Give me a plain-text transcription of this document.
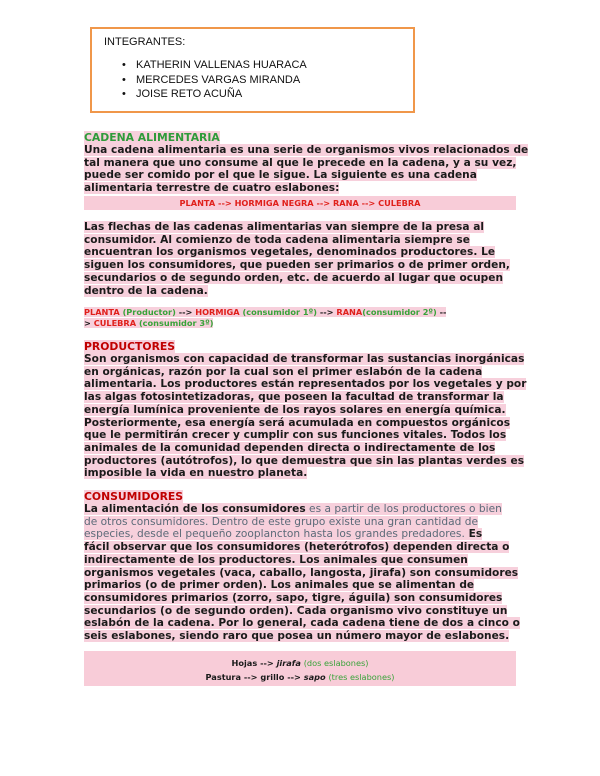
INTEGRANTES:
• KATHERIN VALLENAS HUARACA
• MERCEDES VARGAS MIRANDA
• JOISE RETO ACUÑA
CADENA ALIMENTARIA
Una cadena alimentaria es una serie de organismos vivos relacionados de
tal manera que uno consume al que le precede en la cadena, y a su vez,
puede ser comido por el que le sigue. La siguiente es una cadena
alimentaria terrestre de cuatro eslabones:
PLANTA --> HORMIGA NEGRA --> RANA --> CULEBRA
Las flechas de las cadenas alimentarias van siempre de la presa al
consumidor. Al comienzo de toda cadena alimentaria siempre se
encuentran los organismos vegetales, denominados productores. Le
siguen los consumidores, que pueden ser primarios o de primer orden,
secundarios o de segundo orden, etc. de acuerdo al lugar que ocupen
dentro de la cadena.
PLANTA (Productor) --> HORMIGA (consumidor 1º) --> RANA(consumidor 2º) --
> CULEBRA (consumidor 3º)
PRODUCTORES
Son organismos con capacidad de transformar las sustancias inorgánicas
en orgánicas, razón por la cual son el primer eslabón de la cadena
alimentaria. Los productores están representados por los vegetales y por
las algas fotosintetizadoras, que poseen la facultad de transformar la
energía lumínica proveniente de los rayos solares en energía química.
Posteriormente, esa energía será acumulada en compuestos orgánicos
que le permitirán crecer y cumplir con sus funciones vitales. Todos los
animales de la comunidad dependen directa o indirectamente de los
productores (autótrofos), lo que demuestra que sin las plantas verdes es
imposible la vida en nuestro planeta.
CONSUMIDORES
La alimentación de los consumidores es a partir de los productores o bien
de otros consumidores. Dentro de este grupo existe una gran cantidad de
especies, desde el pequeño zooplancton hasta los grandes predadores. Es
fácil observar que los consumidores (heterótrofos) dependen directa o
indirectamente de los productores. Los animales que consumen
organismos vegetales (vaca, caballo, langosta, jirafa) son consumidores
primarios (o de primer orden). Los animales que se alimentan de
consumidores primarios (zorro, sapo, tigre, águila) son consumidores
secundarios (o de segundo orden). Cada organismo vivo constituye un
eslabón de la cadena. Por lo general, cada cadena tiene de dos a cinco o
seis eslabones, siendo raro que posea un número mayor de eslabones.
Hojas --> jirafa (dos eslabones)
Pastura --> grillo --> sapo (tres eslabones)
